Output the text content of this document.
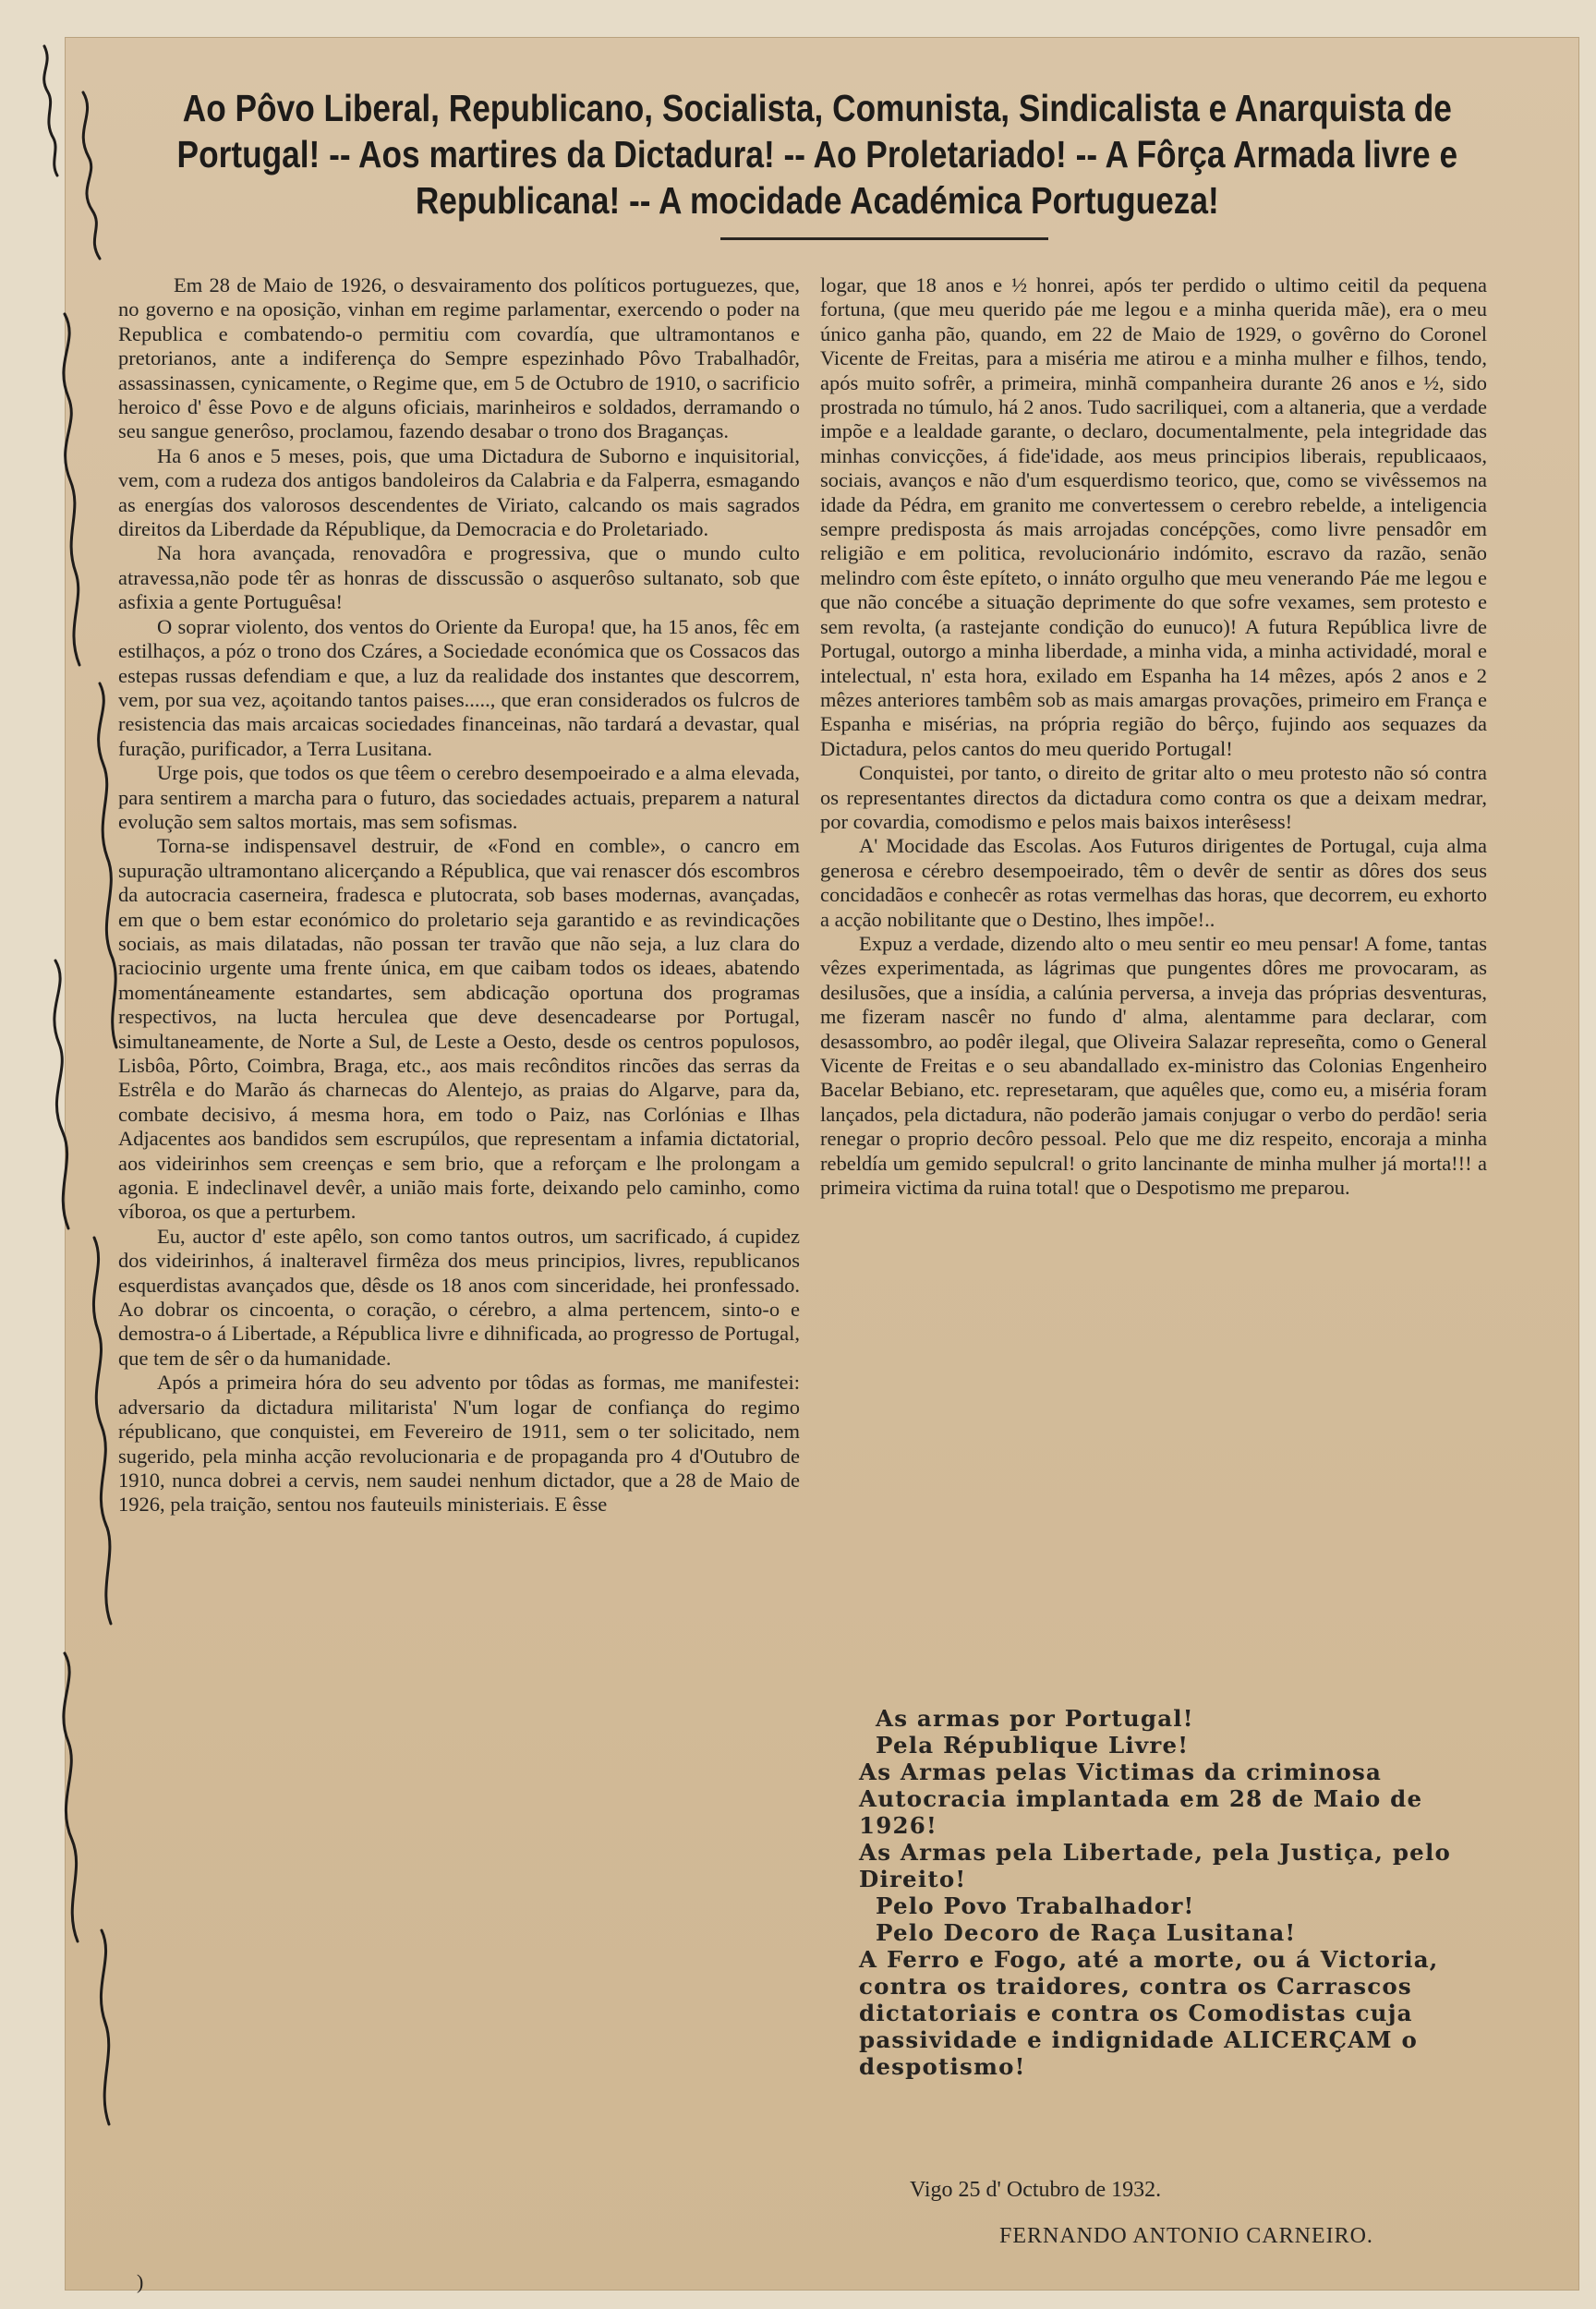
Ao Pôvo Liberal, Republicano, Socialista, Comunista, Sindicalista e Anarquista de Portugal! -- Aos martires da Dictadura! -- Ao Proletariado! -- A Fôrça Armada livre e Republicana! -- A mocidade Académica Portugueza!

Em 28 de Maio de 1926, o desvairamento dos políticos portuguezes, que, no governo e na oposição, vinhan em regime parlamentar, exercendo o poder na Republica e combatendo-o permitiu com covardía, que ultramontanos e pretorianos, ante a indiferença do Sempre espezinhado Pôvo Trabalhadôr, assassinassen, cynicamente, o Regime que, em 5 de Octubro de 1910, o sacrificio heroico d' êsse Povo e de alguns oficiais, marinheiros e soldados, derramando o seu sangue generôso, proclamou, fazendo desabar o trono dos Braganças.

Ha 6 anos e 5 meses, pois, que uma Dictadura de Suborno e inquisitorial, vem, com a rudeza dos antigos bandoleiros da Calabria e da Falperra, esmagando as energías dos valorosos descendentes de Viriato, calcando os mais sagrados direitos da Liberdade da République, da Democracia e do Proletariado.

Na hora avançada, renovadôra e progressiva, que o mundo culto atravessa,não pode têr as honras de disscussão o asquerôso sultanato, sob que asfixia a gente Portuguêsa!

O soprar violento, dos ventos do Oriente da Europa! que, ha 15 anos, fêc em estilhaços, a póz o trono dos Czáres, a Sociedade económica que os Cossacos das estepas russas defendiam e que, a luz da realidade dos instantes que descorrem, vem, por sua vez, açoitando tantos paises....., que eran considerados os fulcros de resistencia das mais arcaicas sociedades financeinas, não tardará a devastar, qual furação, purificador, a Terra Lusitana.

Urge pois, que todos os que têem o cerebro desempoeirado e a alma elevada, para sentirem a marcha para o futuro, das sociedades actuais, preparem a natural evolução sem saltos mortais, mas sem sofismas.

Torna-se indispensavel destruir, de «Fond en comble», o cancro em supuração ultramontano alicerçando a Républica, que vai renascer dós escombros da autocracia caserneira, fradesca e plutocrata, sob bases modernas, avançadas, em que o bem estar económico do proletario seja garantido e as revindicações sociais, as mais dilatadas, não possan ter travão que não seja, a luz clara do raciocinio urgente uma frente única, em que caibam todos os ideaes, abatendo momentáneamente estandartes, sem abdicação oportuna dos programas respectivos, na lucta herculea que deve desencadearse por Portugal, simultaneamente, de Norte a Sul, de Leste a Oesto, desde os centros populosos, Lisbôa, Pôrto, Coimbra, Braga, etc., aos mais recônditos rincões das serras da Estrêla e do Marão ás charnecas do Alentejo, as praias do Algarve, para da, combate decisivo, á mesma hora, em todo o Paiz, nas Corlónias e Ilhas Adjacentes aos bandidos sem escrupúlos, que representam a infamia dictatorial, aos videirinhos sem creenças e sem brio, que a reforçam e lhe prolongam a agonia. E indeclinavel devêr, a união mais forte, deixando pelo caminho, como víboroa, os que a perturbem.

Eu, auctor d' este apêlo, son como tantos outros, um sacrificado, á cupidez dos videirinhos, á inalteravel firmêza dos meus principios, livres, republicanos esquerdistas avançados que, dêsde os 18 anos com sinceridade, hei pronfessado. Ao dobrar os cincoenta, o coração, o cérebro, a alma pertencem, sinto-o e demostra-o á Libertade, a Républica livre e dihnificada, ao progresso de Portugal, que tem de sêr o da humanidade.

Após a primeira hóra do seu advento por tôdas as formas, me manifestei: adversario da dictadura militarista' N'um logar de confiança do regimo républicano, que conquistei, em Fevereiro de 1911, sem o ter solicitado, nem sugerido, pela minha acção revolucionaria e de propaganda pro 4 d'Outubro de 1910, nunca dobrei a cervis, nem saudei nenhum dictador, que a 28 de Maio de 1926, pela traição, sentou nos fauteuils ministeriais. E êsse

logar, que 18 anos e ½ honrei, após ter perdido o ultimo ceitil da pequena fortuna, (que meu querido páe me legou e a minha querida mãe), era o meu único ganha pão, quando, em 22 de Maio de 1929, o govêrno do Coronel Vicente de Freitas, para a miséria me atirou e a minha mulher e filhos, tendo, após muito sofrêr, a primeira, minhã companheira durante 26 anos e ½, sido prostrada no túmulo, há 2 anos. Tudo sacriliquei, com a altaneria, que a verdade impõe e a lealdade garante, o declaro, documentalmente, pela integridade das minhas convicções, á fide'idade, aos meus principios liberais, republicaaos, sociais, avanços e não d'um esquerdismo teorico, que, como se vivêssemos na idade da Pédra, em granito me convertessem o cerebro rebelde, a inteligencia sempre predisposta ás mais arrojadas concépções, como livre pensadôr em religião e em politica, revolucionário indómito, escravo da razão, senão melindro com êste epíteto, o innáto orgulho que meu venerando Páe me legou e que não concébe a situação deprimente do que sofre vexames, sem protesto e sem revolta, (a rastejante condição do eunuco)! A futura República livre de Portugal, outorgo a minha liberdade, a minha vida, a minha actividadé, moral e intelectual, n' esta hora, exilado em Espanha ha 14 mêzes, após 2 anos e 2 mêzes anteriores tambêm sob as mais amargas provações, primeiro em França e Espanha e misérias, na própria região do bêrço, fujindo aos sequazes da Dictadura, pelos cantos do meu querido Portugal!

Conquistei, por tanto, o direito de gritar alto o meu protesto não só contra os representantes directos da dictadura como contra os que a deixam medrar, por covardia, comodismo e pelos mais baixos interêsess!

A' Mocidade das Escolas. Aos Futuros dirigentes de Portugal, cuja alma generosa e cérebro desempoeirado, têm o devêr de sentir as dôres dos seus concidadãos e conhecêr as rotas vermelhas das horas, que decorrem, eu exhorto a acção nobilitante que o Destino, lhes impõe!..

Expuz a verdade, dizendo alto o meu sentir eo meu pensar! A fome, tantas vêzes experimentada, as lágrimas que pungentes dôres me provocaram, as desilusões, que a insídia, a calúnia perversa, a inveja das próprias desventuras, me fizeram nascêr no fundo d' alma, alentamme para declarar, com desassombro, ao podêr ilegal, que Oliveira Salazar represeñta, como o General Vicente de Freitas e o seu abandallado ex-ministro das Colonias Engenheiro Bacelar Bebiano, etc. represetaram, que aquêles que, como eu, a miséria foram lançados, pela dictadura, não poderão jamais conjugar o verbo do perdão! seria renegar o proprio decôro pessoal. Pelo que me diz respeito, encoraja a minha rebeldía um gemido sepulcral! o grito lancinante de minha mulher já morta!!! a primeira victima da ruina total! que o Despotismo me preparou.

As armas por Portugal!
Pela République Livre!
As Armas pelas Victimas da criminosa Autocracia implantada em 28 de Maio de 1926!
As Armas pela Libertade, pela Justiça, pelo Direito!
Pelo Povo Trabalhador!
Pelo Decoro de Raça Lusitana!
A Ferro e Fogo, até a morte, ou á Victoria, contra os traidores, contra os Carrascos dictatoriais e contra os Comodistas cuja passividade e indignidade ALICERÇAM o despotismo!
Vigo 25 d' Octubro de 1932.
FERNANDO ANTONIO CARNEIRO.
)
